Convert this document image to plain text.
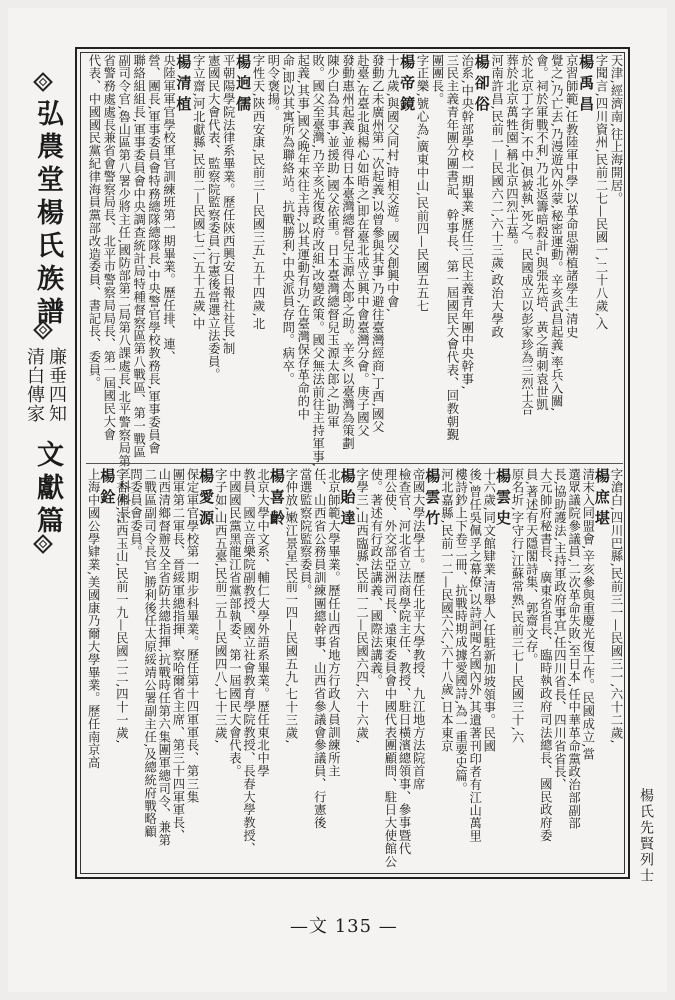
弘農堂楊氏族譜
廉垂四知
清白傳家
文獻篇
天津,經濟南,往上海開居。
字聞言,四川資州,民前二七—民國一,二十八歲,入
楊禹昌
京習師範,任教陸軍中學,以革命思潮植諸學生,清史
覺之,乃亡去,乃漫遊內外蒙,秘密運動。辛亥武昌起義,率兵入關,
會。祠於軍戰不利,乃北返籌暗殺計,與張先培、黃之萌刺袁世凱
於北京丁字街,不中,俱被執,死之。民國成立以彭家珍為三烈士合
葬於北京萬牲園,稱北京四烈士墓。
河南許昌,民前一—民國六二,六十三歲,政治大學政
楊卻俗
治系,中央幹部學校一期畢業,歷任三民主義青年團中央幹事,
三民主義青年團分團書記、幹事長、第一屆國民大會代表、回教朝覲
團團長。
字正樂,號心為,廣東中山,民前四—民國五五七
楊帝鏡
十九歲,與國父同村,時相交遊。國父創興中會,
發動乙未廣州第一次起義,以曾參與其事,乃避往臺灣經商,丁酉,國父
赴臺,在臺北與楊心如晤之,即在臺北成立興中會臺灣分會。庚子國父
發動惠州起義,並得日本臺灣總督兒玉源太郎之助。辛亥,以臺灣為策劃
陳少白為其事,並援助,國父依重。日本臺灣總督兒玉源太郎之,助軍
敗。國父至臺灣,乃辛亥光復政府改組,改變政策。國父無法前往主持軍事,
起義,其事,國父晚年來往主持,以其運動有功,在臺灣保存革命的中
命,即以其寓所為聯絡站。抗戰勝利,中央派員存問。病卒。
明令褒揚。
字性天,陝西安康,民前三—民國三五,五十四歲,北
楊逈儒
平朝陽學院法律系畢業。歷任陝西興安日報社社長,制
憲國民大會代表、監察院監察委員,行憲後當選立法委員。
字立齋,河北獻縣,民前二—民國七二,五十五歲,中
楊清植
央陸軍軍官學校軍官訓練班第一期畢業。歷任排、連、
營、團長,軍事委員會特務總隊總隊長,中央警官學校教務長,軍事委員會
聯絡組組長,軍事委員會中央調查統計局特種督察區第八戰區、第一戰區
副司令官,魯山區第八署少將主任,國防部第二局第八課處長,北平警察局第三科科長,
省警務處處長兼省會警察局長、北平市警察局局長、第一屆國民大會
代表、中國國民黨紀律海員黨部改造委員、書記長、委員。
字滄白,四川巴縣,民前三一—民國三一,六十二歲,
楊庶堪
清末入同盟會,辛亥參與重慶光復工作。民國成立,當
選眾議院參議員,二次革命失敗,至日本,任中華革命黨政治部副部
長,協助護法,主持軍政府事宜,任四川省長、四川省省長、
大元帥府秘書長、廣東省省長、臨時執政府司法總長、國民政府委
員,著述有天隱閣詩集、郭齋文存。
原名圻,字守行,江蘇常熟,民前三七—民國三十,六
楊雲史
十六歲,同文館肄業,清舉人,任駐新加坡領事。民國
後,曾任吳佩孚之幕僚,以詩詞聞名國內外,其遺著刊印者有江山萬里
樓詩鈔上下卷二冊、抗戰時期成據愛國詩,為一重要史篇。
河北嘉縣,民前一二—民國六六,六十八歲,日本東京
楊雲竹
帝國大學法學士。歷任北平大學教授、九江地方法院首席
檢查官、河北省立法商學院主任、教授、駐日橫濱總領事、參事暨代
理公使、外交部亞洲司長、遠東委員會中國代表團顧問、駐日大使館公
使。著述有行政法講義、國際法講義。
字學三,山西臨縣,民前一二—民國六四,六十六歲,
楊貽達
北京師範大學畢業。歷任山西省地方行政人員訓練所主
任、山西省公務員訓練團總幹事、山西省參議會參議員、行憲後
當選監察院監察委員。
字仲放,嫩江景星,民前一四—民國五九,七十三歲,
楊喜齡
北京大學中文系、輔仁大學外語系畢業。歷任東北中學
教員、國立音樂院副教授、國立社會教育學院教授、長春大學教授、
中國國民黨黑龍江省黨部執委、第一屆國民大會代表。
字子如,山西五臺,民前二五—民國四八,七十三歲,
楊愛源
保定軍官學校第一期步科畢業。歷任第十四軍軍長、第三集
團軍第二軍長、晉綏軍總指揮、察哈爾省主席、第三十四軍軍長、
山西清鄉督辦及全省防共總指揮,抗戰時任第六集團軍總司令、兼第
二戰區副司令長官,勝利後任太原綏靖公署副主任,及總統府戰略顧
問委員會委員。
字杏佛,江西玉山,民前一九—民國二二,四十一歲,
楊銓
上海中國公學肄業,美國康乃爾大學畢業。歷任南京高
楊氏先賢列士
—文 135 —
